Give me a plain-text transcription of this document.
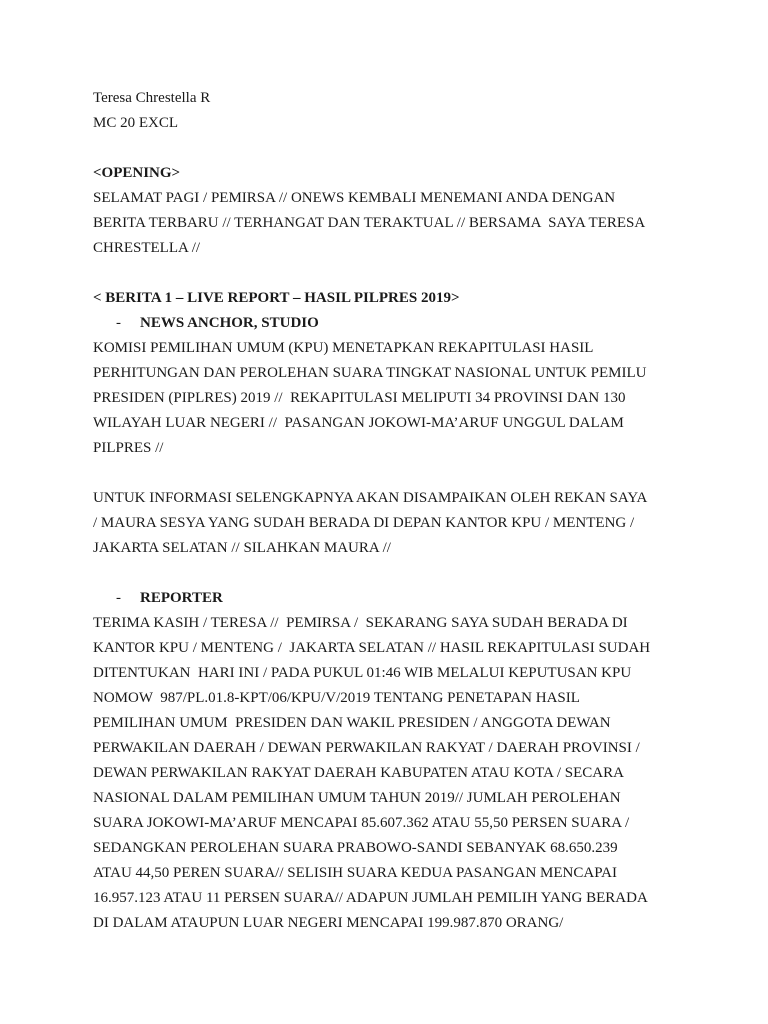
Teresa Chrestella R

MC 20 EXCL

<OPENING>

SELAMAT PAGI / PEMIRSA // ONEWS KEMBALI MENEMANI ANDA DENGAN

BERITA TERBARU // TERHANGAT DAN TERAKTUAL // BERSAMA  SAYA TERESA

CHRESTELLA //

< BERITA 1 – LIVE REPORT – HASIL PILPRES 2019>

-	NEWS ANCHOR, STUDIO

KOMISI PEMILIHAN UMUM (KPU) MENETAPKAN REKAPITULASI HASIL

PERHITUNGAN DAN PEROLEHAN SUARA TINGKAT NASIONAL UNTUK PEMILU

PRESIDEN (PIPLRES) 2019 //  REKAPITULASI MELIPUTI 34 PROVINSI DAN 130

WILAYAH LUAR NEGERI //  PASANGAN JOKOWI-MA’ARUF UNGGUL DALAM

PILPRES //

UNTUK INFORMASI SELENGKAPNYA AKAN DISAMPAIKAN OLEH REKAN SAYA

/ MAURA SESYA YANG SUDAH BERADA DI DEPAN KANTOR KPU / MENTENG /

JAKARTA SELATAN // SILAHKAN MAURA //

-	REPORTER

TERIMA KASIH / TERESA //  PEMIRSA /  SEKARANG SAYA SUDAH BERADA DI

KANTOR KPU / MENTENG /  JAKARTA SELATAN // HASIL REKAPITULASI SUDAH

DITENTUKAN  HARI INI / PADA PUKUL 01:46 WIB MELALUI KEPUTUSAN KPU

NOMOW  987/PL.01.8-KPT/06/KPU/V/2019 TENTANG PENETAPAN HASIL

PEMILIHAN UMUM  PRESIDEN DAN WAKIL PRESIDEN / ANGGOTA DEWAN

PERWAKILAN DAERAH / DEWAN PERWAKILAN RAKYAT / DAERAH PROVINSI /

DEWAN PERWAKILAN RAKYAT DAERAH KABUPATEN ATAU KOTA / SECARA

NASIONAL DALAM PEMILIHAN UMUM TAHUN 2019// JUMLAH PEROLEHAN

SUARA JOKOWI-MA’ARUF MENCAPAI 85.607.362 ATAU 55,50 PERSEN SUARA /

SEDANGKAN PEROLEHAN SUARA PRABOWO-SANDI SEBANYAK 68.650.239

ATAU 44,50 PEREN SUARA// SELISIH SUARA KEDUA PASANGAN MENCAPAI

16.957.123 ATAU 11 PERSEN SUARA// ADAPUN JUMLAH PEMILIH YANG BERADA

DI DALAM ATAUPUN LUAR NEGERI MENCAPAI 199.987.870 ORANG/
